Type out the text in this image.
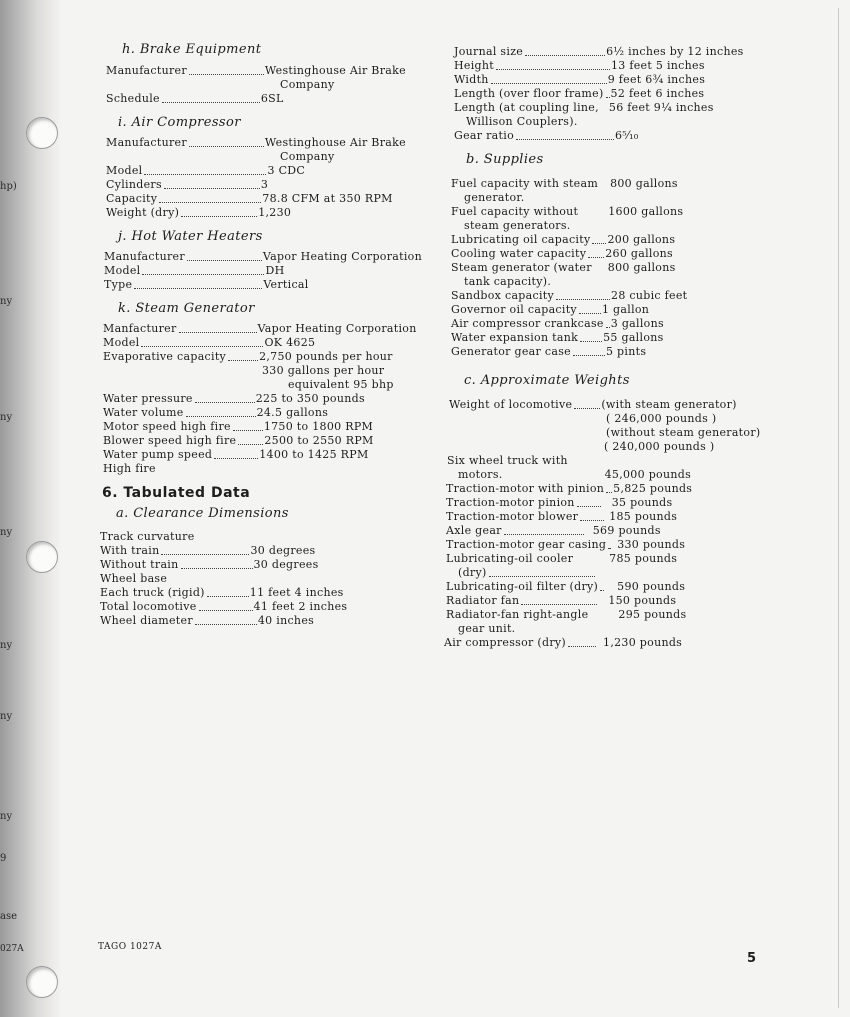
hp)
ny
ny
ny
ny
ny
ny
9
ase
027A
h. Brake Equipment
Manufacturer	Westinghouse Air Brake
Company
Schedule	6SL
i. Air Compressor
Manufacturer	Westinghouse Air Brake
Company
Model	3 CDC
Cylinders	3
Capacity	78.8 CFM at 350 RPM
Weight (dry)	1,230
j. Hot Water Heaters
Manufacturer	Vapor Heating Corporation
Model	DH
Type	Vertical
k. Steam Generator
Manfacturer	Vapor Heating Corporation
Model	OK 4625
Evaporative capacity	2,750 pounds per hour
330 gallons per hour
equivalent 95 bhp
Water pressure	225 to 350 pounds
Water volume	24.5 gallons
Motor speed high fire	1750 to 1800 RPM
Blower speed high fire	2500 to 2550 RPM
Water pump speed	1400 to 1425 RPM
High fire
6. Tabulated Data
a. Clearance Dimensions
Track curvature
With train	30 degrees
Without train	30 degrees
Wheel base
Each truck (rigid)	11 feet 4 inches
Total locomotive	41 feet 2 inches
Wheel diameter	40 inches
Journal size	6½ inches by 12 inches
Height	13 feet 5 inches
Width	9 feet 6¾ inches
Length (over floor frame) 52 feet 6 inches
Length (at coupling line, 56 feet 9¼ inches
Willison Couplers).
Gear ratio	6⁵⁄₁₀
b. Supplies
Fuel capacity with steam 800 gallons
generator.
Fuel capacity without	1600 gallons
steam generators.
Lubricating oil capacity 200 gallons
Cooling water capacity 260 gallons
Steam generator (water 800 gallons
tank capacity).
Sandbox capacity	28 cubic feet
Governor oil capacity 1 gallon
Air compressor crankcase 3 gallons
Water expansion tank 55 gallons
Generator gear case	5 pints
c. Approximate Weights
Weight of locomotive	(with steam generator)
( 246,000 pounds )
(without steam generator)
( 240,000 pounds )
Six wheel truck with
motors.	45,000 pounds
Traction-motor with pinion 5,825 pounds
Traction-motor pinion	35 pounds
Traction-motor blower	185 pounds
Axle gear	569 pounds
Traction-motor gear casing 330 pounds
Lubricating-oil cooler	785 pounds
(dry)
Lubricating-oil filter (dry) 590 pounds
Radiator fan	150 pounds
Radiator-fan right-angle	295 pounds
gear unit.
Air compressor (dry)	1,230 pounds
TAGO 1027A
5
